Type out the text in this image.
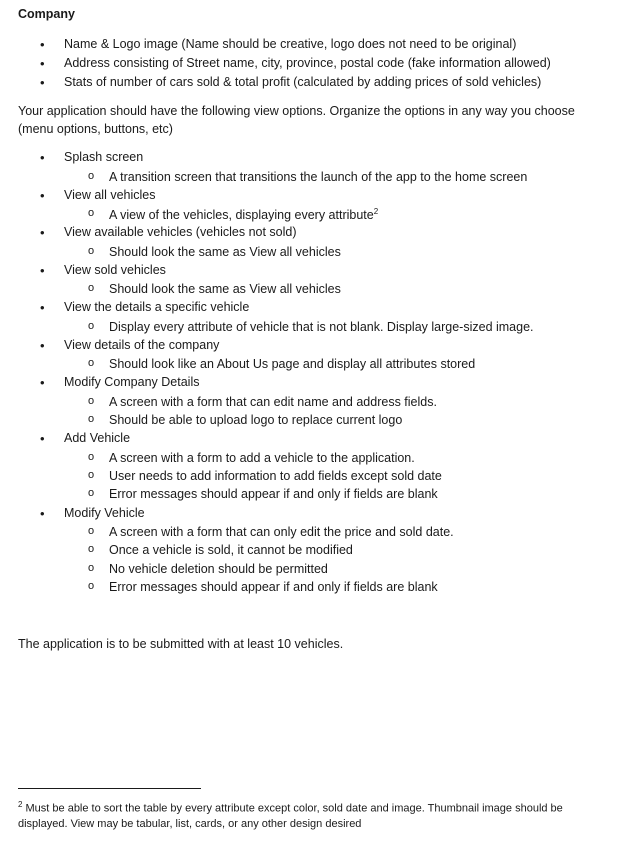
Company
Name & Logo image (Name should be creative, logo does not need to be original)
Address consisting of Street name, city, province, postal code (fake information allowed)
Stats of number of cars sold & total profit (calculated by adding prices of sold vehicles)
Your application should have the following view options. Organize the options in any way you choose (menu options, buttons, etc)
Splash screen
o A transition screen that transitions the launch of the app to the home screen
View all vehicles
o A view of the vehicles, displaying every attribute$^2$
View available vehicles (vehicles not sold)
o Should look the same as View all vehicles
View sold vehicles
o Should look the same as View all vehicles
View the details a specific vehicle
o Display every attribute of vehicle that is not blank. Display large-sized image.
View details of the company
o Should look like an About Us page and display all attributes stored
Modify Company Details
o A screen with a form that can edit name and address fields.
o Should be able to upload logo to replace current logo
Add Vehicle
o A screen with a form to add a vehicle to the application.
o User needs to add information to add fields except sold date
o Error messages should appear if and only if fields are blank
Modify Vehicle
o A screen with a form that can only edit the price and sold date.
o Once a vehicle is sold, it cannot be modified
o No vehicle deletion should be permitted
o Error messages should appear if and only if fields are blank
The application is to be submitted with at least 10 vehicles.
$^2$ Must be able to sort the table by every attribute except color, sold date and image. Thumbnail image should be displayed. View may be tabular, list, cards, or any other design desired
